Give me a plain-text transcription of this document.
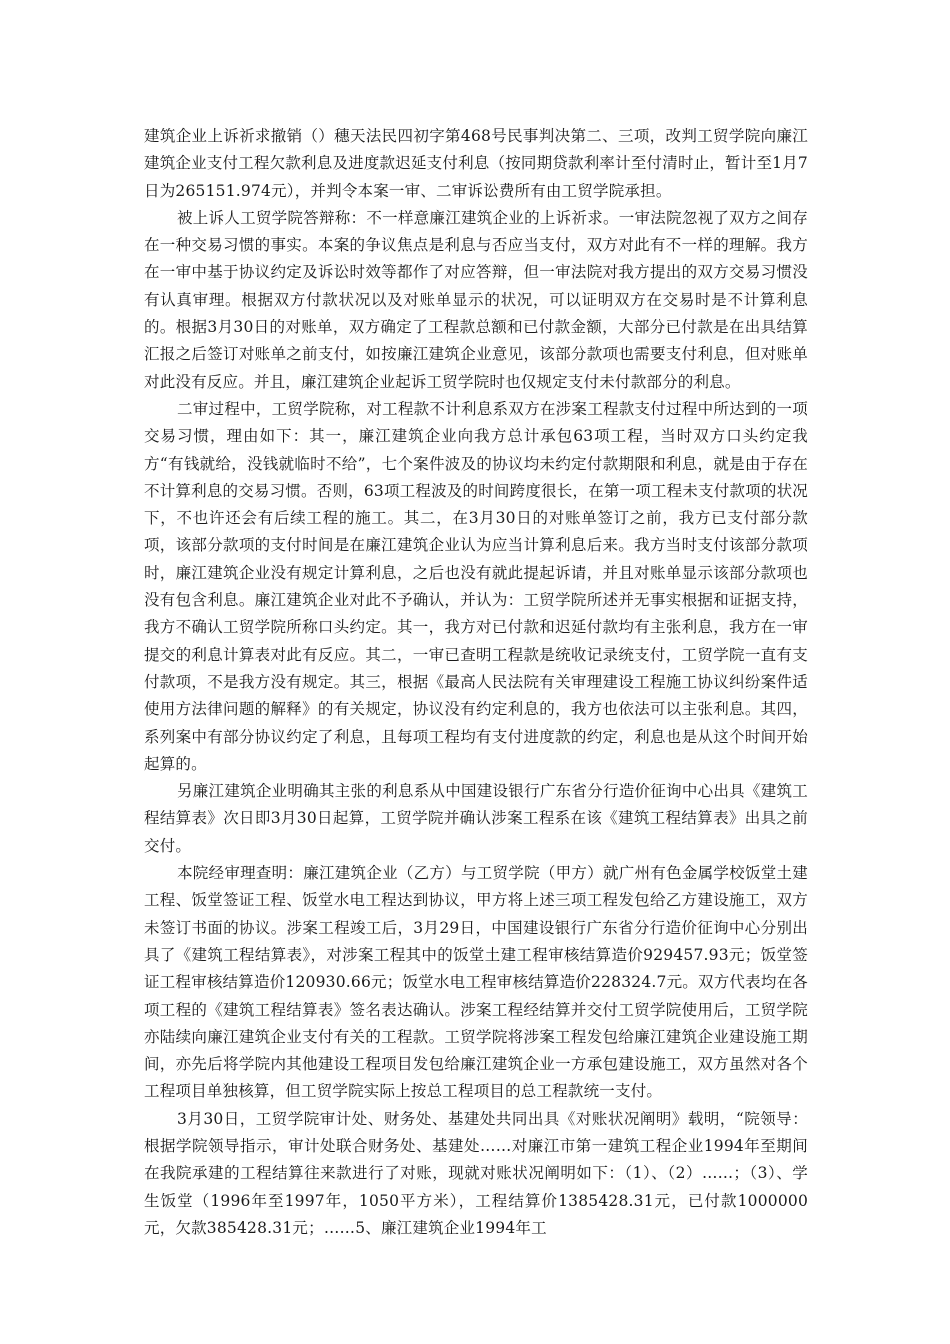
建筑企业上诉祈求撤销（）穗天法民四初字第468号民事判决第二、三项，改判工贸学院向廉江建筑企业支付工程欠款利息及进度款迟延支付利息（按同期贷款利率计至付清时止，暂计至1月7日为265151.974元），并判令本案一审、二审诉讼费所有由工贸学院承担。

被上诉人工贸学院答辩称：不一样意廉江建筑企业的上诉祈求。一审法院忽视了双方之间存在一种交易习惯的事实。本案的争议焦点是利息与否应当支付，双方对此有不一样的理解。我方在一审中基于协议约定及诉讼时效等都作了对应答辩，但一审法院对我方提出的双方交易习惯没有认真审理。根据双方付款状况以及对账单显示的状况，可以证明双方在交易时是不计算利息的。根据3月30日的对账单，双方确定了工程款总额和已付款金额，大部分已付款是在出具结算汇报之后签订对账单之前支付，如按廉江建筑企业意见，该部分款项也需要支付利息，但对账单对此没有反应。并且，廉江建筑企业起诉工贸学院时也仅规定支付未付款部分的利息。

二审过程中，工贸学院称，对工程款不计利息系双方在涉案工程款支付过程中所达到的一项交易习惯，理由如下：其一，廉江建筑企业向我方总计承包63项工程，当时双方口头约定我方“有钱就给，没钱就临时不给”，七个案件波及的协议均未约定付款期限和利息，就是由于存在不计算利息的交易习惯。否则，63项工程波及的时间跨度很长，在第一项工程未支付款项的状况下，不也许还会有后续工程的施工。其二，在3月30日的对账单签订之前，我方已支付部分款项，该部分款项的支付时间是在廉江建筑企业认为应当计算利息后来。我方当时支付该部分款项时，廉江建筑企业没有规定计算利息，之后也没有就此提起诉请，并且对账单显示该部分款项也没有包含利息。廉江建筑企业对此不予确认，并认为：工贸学院所述并无事实根据和证据支持，我方不确认工贸学院所称口头约定。其一，我方对已付款和迟延付款均有主张利息，我方在一审提交的利息计算表对此有反应。其二，一审已查明工程款是统收记录统支付，工贸学院一直有支付款项，不是我方没有规定。其三，根据《最高人民法院有关审理建设工程施工协议纠纷案件适使用方法律问题的解释》的有关规定，协议没有约定利息的，我方也依法可以主张利息。其四，系列案中有部分协议约定了利息，且每项工程均有支付进度款的约定，利息也是从这个时间开始起算的。

另廉江建筑企业明确其主张的利息系从中国建设银行广东省分行造价征询中心出具《建筑工程结算表》次日即3月30日起算，工贸学院并确认涉案工程系在该《建筑工程结算表》出具之前交付。

本院经审理查明：廉江建筑企业（乙方）与工贸学院（甲方）就广州有色金属学校饭堂土建工程、饭堂签证工程、饭堂水电工程达到协议，甲方将上述三项工程发包给乙方建设施工，双方未签订书面的协议。涉案工程竣工后，3月29日，中国建设银行广东省分行造价征询中心分别出具了《建筑工程结算表》，对涉案工程其中的饭堂土建工程审核结算造价929457.93元；饭堂签证工程审核结算造价120930.66元；饭堂水电工程审核结算造价228324.7元。双方代表均在各项工程的《建筑工程结算表》签名表达确认。涉案工程经结算并交付工贸学院使用后，工贸学院亦陆续向廉江建筑企业支付有关的工程款。工贸学院将涉案工程发包给廉江建筑企业建设施工期间，亦先后将学院内其他建设工程项目发包给廉江建筑企业一方承包建设施工，双方虽然对各个工程项目单独核算，但工贸学院实际上按总工程项目的总工程款统一支付。

3月30日，工贸学院审计处、财务处、基建处共同出具《对账状况阐明》载明，“院领导：根据学院领导指示，审计处联合财务处、基建处……对廉江市第一建筑工程企业1994年至期间在我院承建的工程结算往来款进行了对账，现就对账状况阐明如下：（1）、（2）……；（3）、学生饭堂（1996年至1997年，1050平方米），工程结算价1385428.31元，已付款1000000元，欠款385428.31元；……5、廉江建筑企业1994年工
